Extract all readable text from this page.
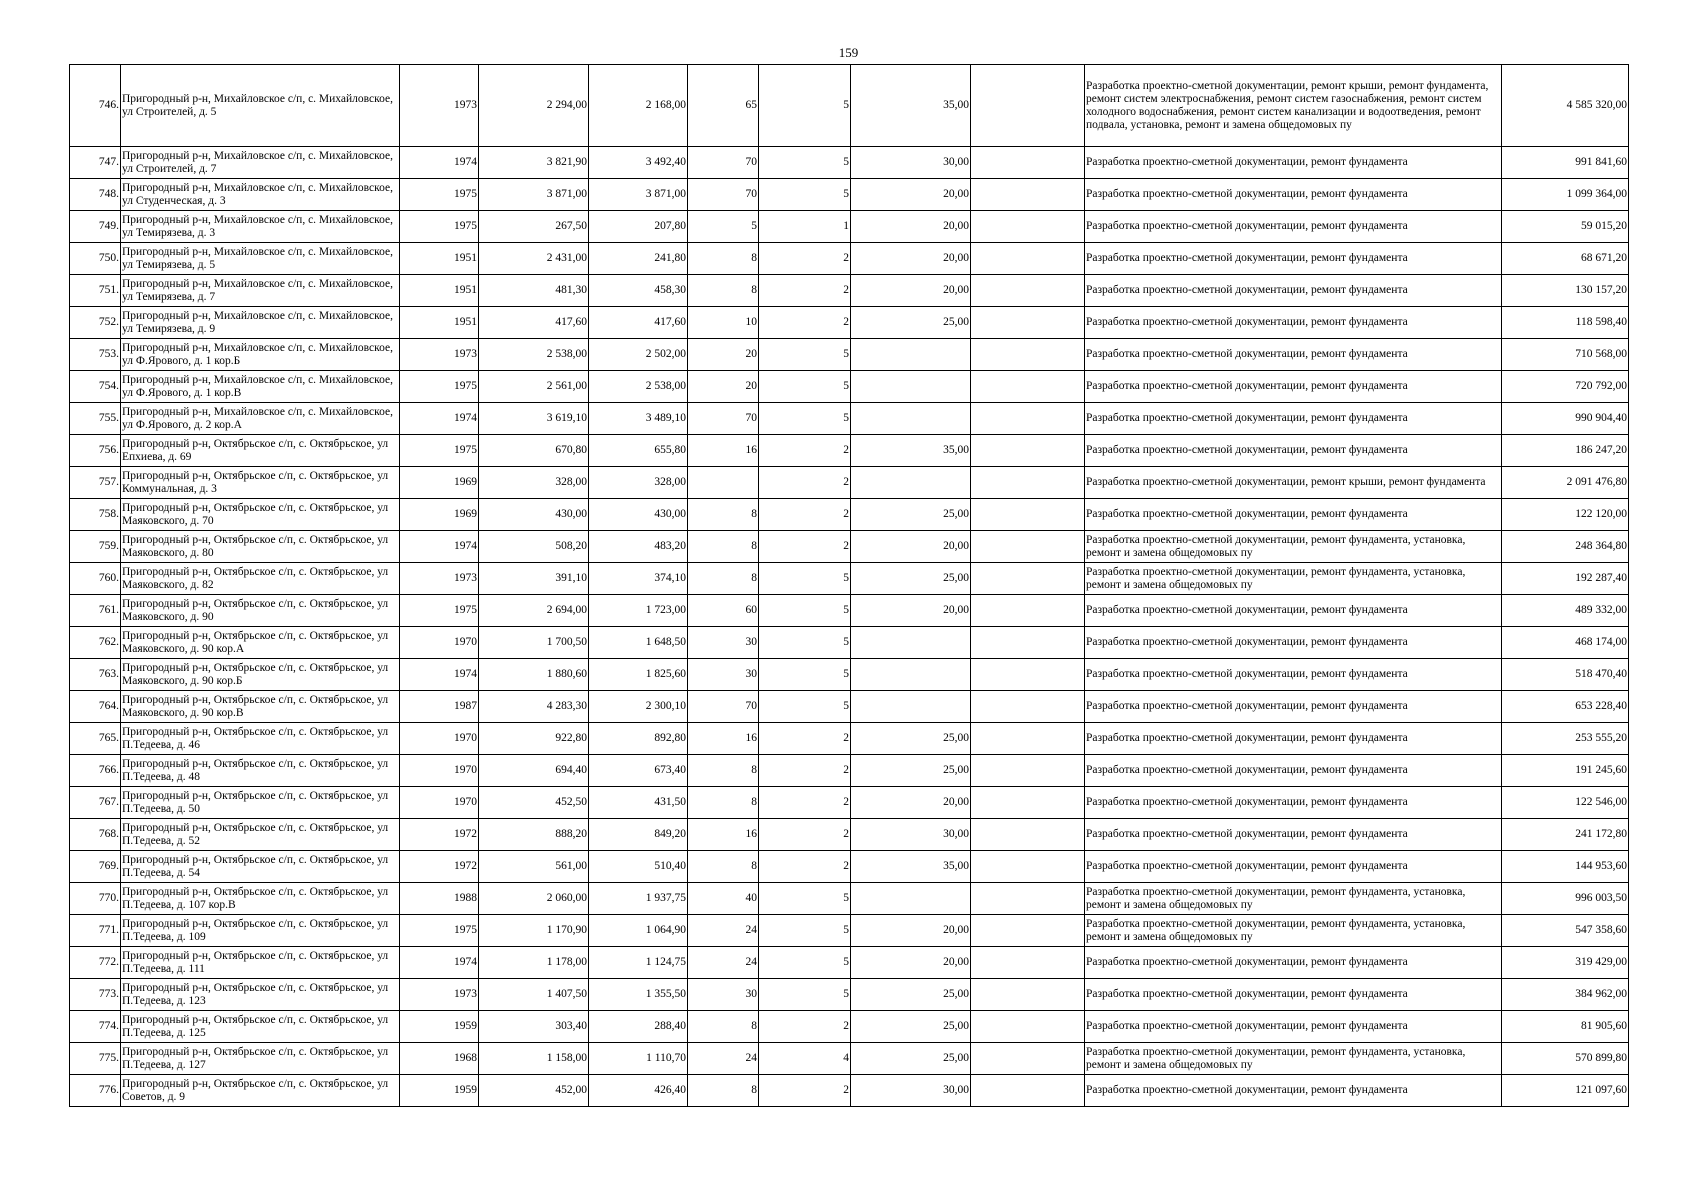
159
746.	Пригородный р-н, Михайловское с/п, с. Михайловское, ул Строителей, д. 5	1973	2 294,00	2 168,00	65	5	35,00		Разработка проектно-сметной документации, ремонт крыши, ремонт фундамента, ремонт систем электроснабжения, ремонт систем газоснабжения, ремонт систем холодного водоснабжения, ремонт систем канализации и водоотведения, ремонт подвала, установка, ремонт и замена общедомовых пу	4 585 320,00
747.	Пригородный р-н, Михайловское с/п, с. Михайловское, ул Строителей, д. 7	1974	3 821,90	3 492,40	70	5	30,00		Разработка проектно-сметной документации, ремонт фундамента	991 841,60
748.	Пригородный р-н, Михайловское с/п, с. Михайловское, ул Студенческая, д. 3	1975	3 871,00	3 871,00	70	5	20,00		Разработка проектно-сметной документации, ремонт фундамента	1 099 364,00
749.	Пригородный р-н, Михайловское с/п, с. Михайловское, ул Темирязева, д. 3	1975	267,50	207,80	5	1	20,00		Разработка проектно-сметной документации, ремонт фундамента	59 015,20
750.	Пригородный р-н, Михайловское с/п, с. Михайловское, ул Темирязева, д. 5	1951	2 431,00	241,80	8	2	20,00		Разработка проектно-сметной документации, ремонт фундамента	68 671,20
751.	Пригородный р-н, Михайловское с/п, с. Михайловское, ул Темирязева, д. 7	1951	481,30	458,30	8	2	20,00		Разработка проектно-сметной документации, ремонт фундамента	130 157,20
752.	Пригородный р-н, Михайловское с/п, с. Михайловское, ул Темирязева, д. 9	1951	417,60	417,60	10	2	25,00		Разработка проектно-сметной документации, ремонт фундамента	118 598,40
753.	Пригородный р-н, Михайловское с/п, с. Михайловское, ул Ф.Ярового, д. 1 кор.Б	1973	2 538,00	2 502,00	20	5			Разработка проектно-сметной документации, ремонт фундамента	710 568,00
754.	Пригородный р-н, Михайловское с/п, с. Михайловское, ул Ф.Ярового, д. 1 кор.В	1975	2 561,00	2 538,00	20	5			Разработка проектно-сметной документации, ремонт фундамента	720 792,00
755.	Пригородный р-н, Михайловское с/п, с. Михайловское, ул Ф.Ярового, д. 2 кор.А	1974	3 619,10	3 489,10	70	5			Разработка проектно-сметной документации, ремонт фундамента	990 904,40
756.	Пригородный р-н, Октябрьское с/п, с. Октябрьское, ул Епхиева, д. 69	1975	670,80	655,80	16	2	35,00		Разработка проектно-сметной документации, ремонт фундамента	186 247,20
757.	Пригородный р-н, Октябрьское с/п, с. Октябрьское, ул Коммунальная, д. 3	1969	328,00	328,00		2			Разработка проектно-сметной документации, ремонт крыши, ремонт фундамента	2 091 476,80
758.	Пригородный р-н, Октябрьское с/п, с. Октябрьское, ул Маяковского, д. 70	1969	430,00	430,00	8	2	25,00		Разработка проектно-сметной документации, ремонт фундамента	122 120,00
759.	Пригородный р-н, Октябрьское с/п, с. Октябрьское, ул Маяковского, д. 80	1974	508,20	483,20	8	2	20,00		Разработка проектно-сметной документации, ремонт фундамента, установка, ремонт и замена общедомовых пу	248 364,80
760.	Пригородный р-н, Октябрьское с/п, с. Октябрьское, ул Маяковского, д. 82	1973	391,10	374,10	8	5	25,00		Разработка проектно-сметной документации, ремонт фундамента, установка, ремонт и замена общедомовых пу	192 287,40
761.	Пригородный р-н, Октябрьское с/п, с. Октябрьское, ул Маяковского, д. 90	1975	2 694,00	1 723,00	60	5	20,00		Разработка проектно-сметной документации, ремонт фундамента	489 332,00
762.	Пригородный р-н, Октябрьское с/п, с. Октябрьское, ул Маяковского, д. 90 кор.А	1970	1 700,50	1 648,50	30	5			Разработка проектно-сметной документации, ремонт фундамента	468 174,00
763.	Пригородный р-н, Октябрьское с/п, с. Октябрьское, ул Маяковского, д. 90 кор.Б	1974	1 880,60	1 825,60	30	5			Разработка проектно-сметной документации, ремонт фундамента	518 470,40
764.	Пригородный р-н, Октябрьское с/п, с. Октябрьское, ул Маяковского, д. 90 кор.В	1987	4 283,30	2 300,10	70	5			Разработка проектно-сметной документации, ремонт фундамента	653 228,40
765.	Пригородный р-н, Октябрьское с/п, с. Октябрьское, ул П.Тедеева, д. 46	1970	922,80	892,80	16	2	25,00		Разработка проектно-сметной документации, ремонт фундамента	253 555,20
766.	Пригородный р-н, Октябрьское с/п, с. Октябрьское, ул П.Тедеева, д. 48	1970	694,40	673,40	8	2	25,00		Разработка проектно-сметной документации, ремонт фундамента	191 245,60
767.	Пригородный р-н, Октябрьское с/п, с. Октябрьское, ул П.Тедеева, д. 50	1970	452,50	431,50	8	2	20,00		Разработка проектно-сметной документации, ремонт фундамента	122 546,00
768.	Пригородный р-н, Октябрьское с/п, с. Октябрьское, ул П.Тедеева, д. 52	1972	888,20	849,20	16	2	30,00		Разработка проектно-сметной документации, ремонт фундамента	241 172,80
769.	Пригородный р-н, Октябрьское с/п, с. Октябрьское, ул П.Тедеева, д. 54	1972	561,00	510,40	8	2	35,00		Разработка проектно-сметной документации, ремонт фундамента	144 953,60
770.	Пригородный р-н, Октябрьское с/п, с. Октябрьское, ул П.Тедеева, д. 107 кор.В	1988	2 060,00	1 937,75	40	5			Разработка проектно-сметной документации, ремонт фундамента, установка, ремонт и замена общедомовых пу	996 003,50
771.	Пригородный р-н, Октябрьское с/п, с. Октябрьское, ул П.Тедеева, д. 109	1975	1 170,90	1 064,90	24	5	20,00		Разработка проектно-сметной документации, ремонт фундамента, установка, ремонт и замена общедомовых пу	547 358,60
772.	Пригородный р-н, Октябрьское с/п, с. Октябрьское, ул П.Тедеева, д. 111	1974	1 178,00	1 124,75	24	5	20,00		Разработка проектно-сметной документации, ремонт фундамента	319 429,00
773.	Пригородный р-н, Октябрьское с/п, с. Октябрьское, ул П.Тедеева, д. 123	1973	1 407,50	1 355,50	30	5	25,00		Разработка проектно-сметной документации, ремонт фундамента	384 962,00
774.	Пригородный р-н, Октябрьское с/п, с. Октябрьское, ул П.Тедеева, д. 125	1959	303,40	288,40	8	2	25,00		Разработка проектно-сметной документации, ремонт фундамента	81 905,60
775.	Пригородный р-н, Октябрьское с/п, с. Октябрьское, ул П.Тедеева, д. 127	1968	1 158,00	1 110,70	24	4	25,00		Разработка проектно-сметной документации, ремонт фундамента, установка, ремонт и замена общедомовых пу	570 899,80
776.	Пригородный р-н, Октябрьское с/п, с. Октябрьское, ул Советов, д. 9	1959	452,00	426,40	8	2	30,00		Разработка проектно-сметной документации, ремонт фундамента	121 097,60
